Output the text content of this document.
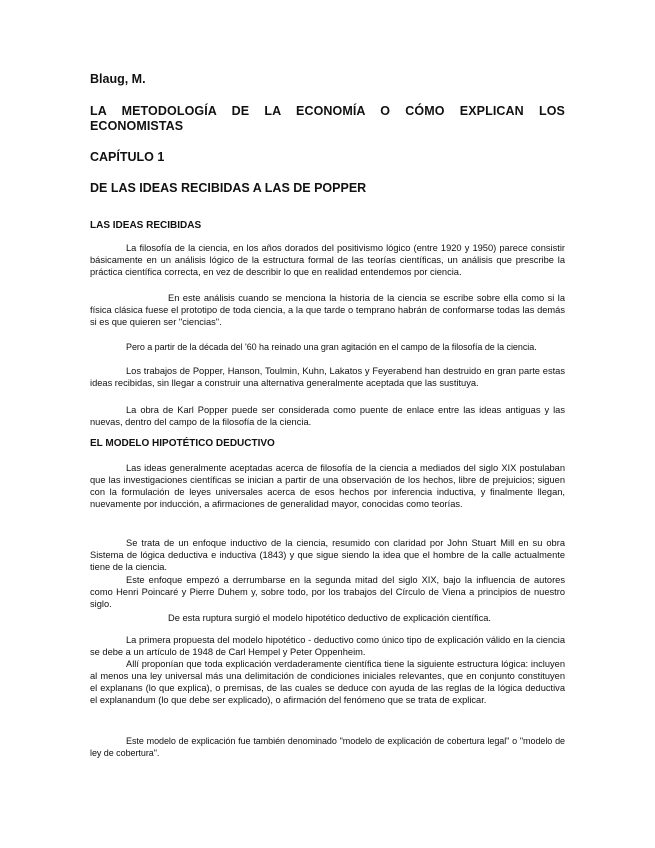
Blaug, M.

LA METODOLOGÍA DE LA ECONOMÍA O CÓMO EXPLICAN LOS ECONOMISTAS

CAPÍTULO 1

DE LAS IDEAS RECIBIDAS A LAS DE POPPER

LAS IDEAS RECIBIDAS

La filosofía de la ciencia, en los años dorados del positivismo lógico (entre 1920 y 1950) parece consistir básicamente en un análisis lógico de la estructura formal de las teorías científicas, un análisis que prescribe la práctica científica correcta, en vez de describir lo que en realidad entendemos por ciencia.

En este análisis cuando se menciona la historia de la ciencia se escribe sobre ella como si la física clásica fuese el prototipo de toda ciencia, a la que tarde o temprano habrán de conformarse todas las demás si es que quieren ser "ciencias".

Pero a partir de la década del '60 ha reinado una gran agitación en el campo de la filosofía de la ciencia.

Los trabajos de Popper, Hanson, Toulmin, Kuhn, Lakatos y Feyerabend han destruido en gran parte estas ideas recibidas, sin llegar a construir una alternativa generalmente aceptada que las sustituya.

La obra de Karl Popper puede ser considerada como puente de enlace entre las ideas antiguas y las nuevas, dentro del campo de la filosofía de la ciencia.

EL MODELO HIPOTÉTICO DEDUCTIVO

Las ideas generalmente aceptadas acerca de filosofía de la ciencia a mediados del siglo XIX postulaban que las investigaciones científicas se inician a partir de una observación de los hechos, libre de prejuicios; siguen con la formulación de leyes universales acerca de esos hechos por inferencia inductiva, y finalmente llegan, nuevamente por inducción, a afirmaciones de generalidad mayor, conocidas como teorías.

Se trata de un enfoque inductivo de la ciencia, resumido con claridad por John Stuart Mill en su obra Sistema de lógica deductiva e inductiva (1843) y que sigue siendo la idea que el hombre de la calle actualmente tiene de la ciencia.

Este enfoque empezó a derrumbarse en la segunda mitad del siglo XIX, bajo la influencia de autores como Henri Poincaré y Pierre Duhem y, sobre todo, por los trabajos del Círculo de Viena a principios de nuestro siglo.

De esta ruptura surgió el modelo hipotético deductivo de explicación científica.

La primera propuesta del modelo hipotético - deductivo como único tipo de explicación válido en la ciencia se debe a un artículo de 1948 de Carl Hempel y Peter Oppenheim.

Allí proponían que toda explicación verdaderamente científica tiene la siguiente estructura lógica: incluyen al menos una ley universal más una delimitación de condiciones iniciales relevantes, que en conjunto constituyen el explanans (lo que explica), o premisas, de las cuales se deduce con ayuda de las reglas de la lógica deductiva el explanandum (lo que debe ser explicado), o afirmación del fenómeno que se trata de explicar.

Este modelo de explicación fue también denominado "modelo de explicación de cobertura legal" o "modelo de ley de cobertura".
